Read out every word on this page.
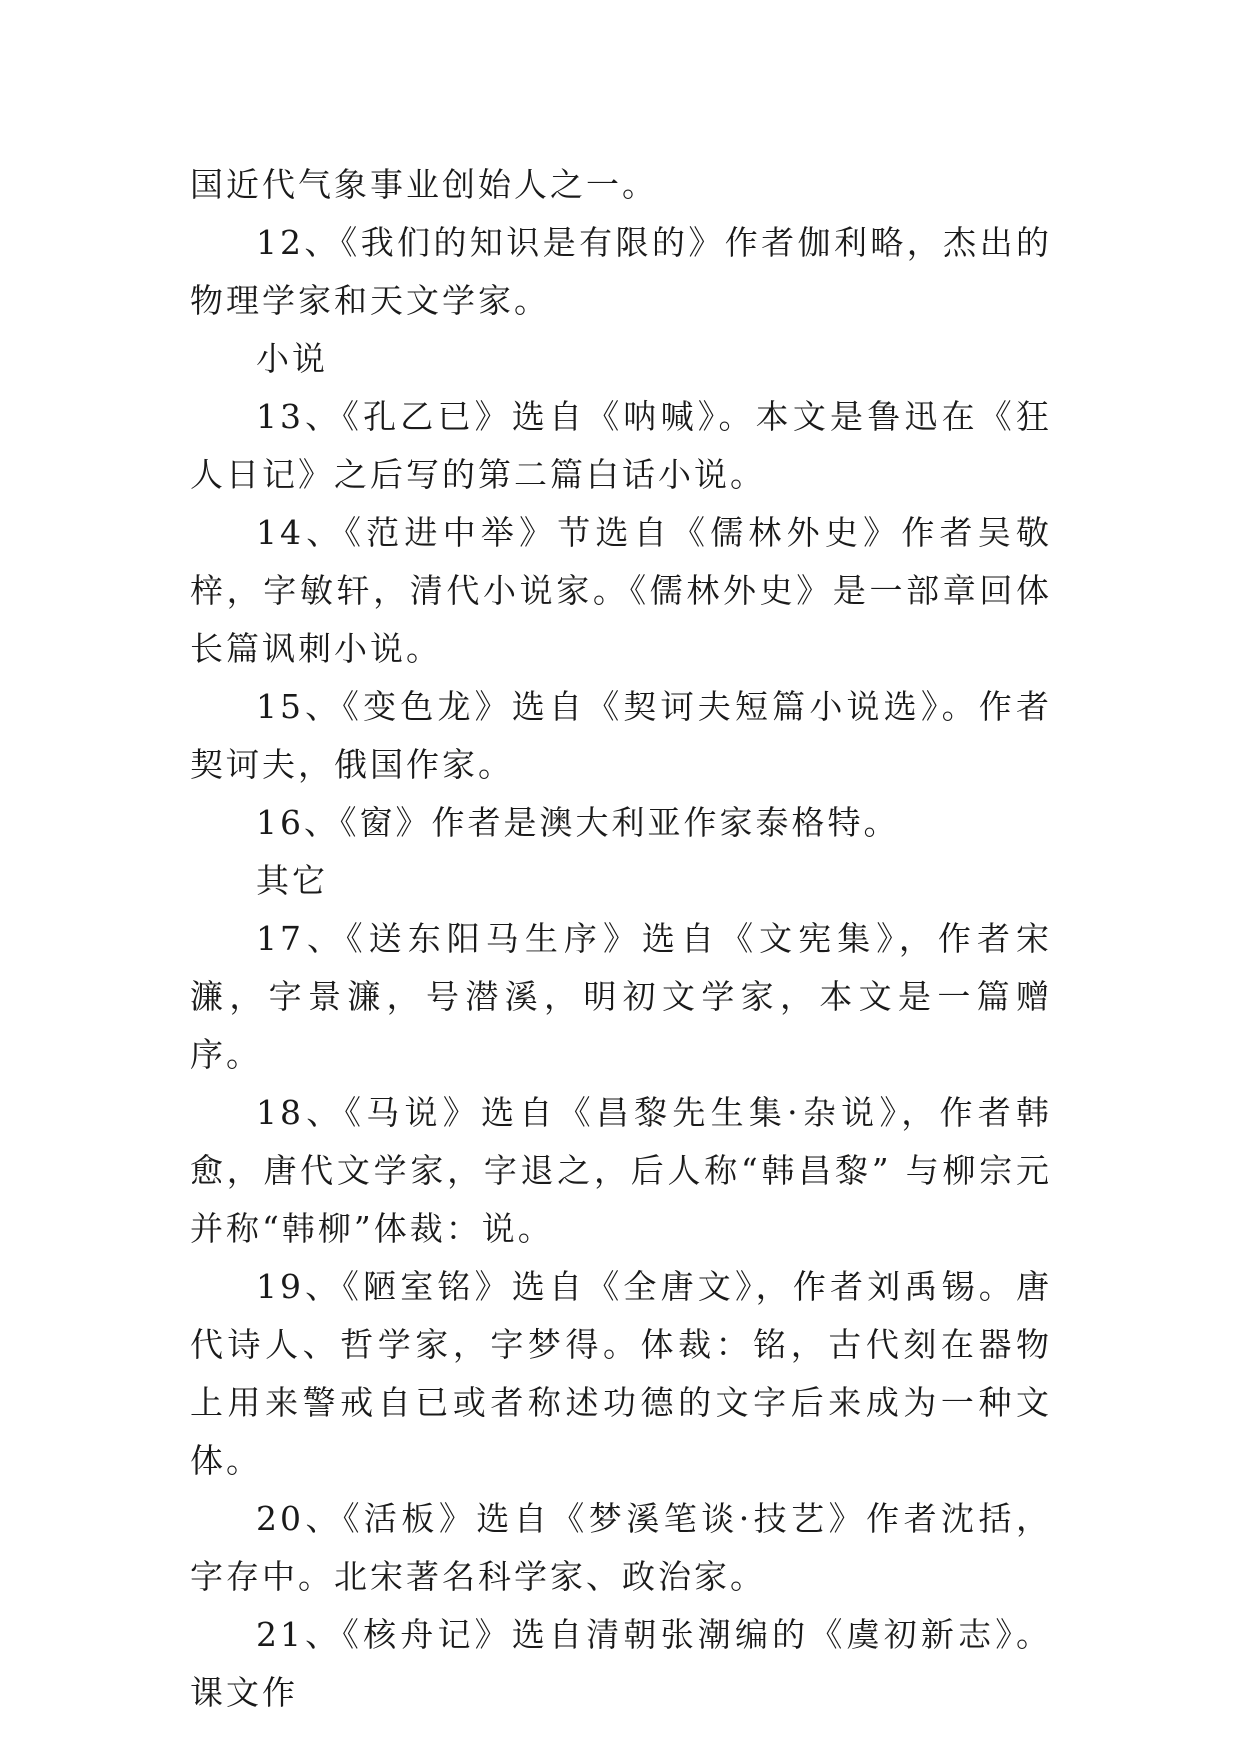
国近代气象事业创始人之一。

12、《我们的知识是有限的》作者伽利略，杰出的物理学家和天文学家。

小说

13、《孔乙已》选自《呐喊》。本文是鲁迅在《狂人日记》之后写的第二篇白话小说。

14、《范进中举》节选自《儒林外史》作者吴敬梓，字敏轩，清代小说家。《儒林外史》是一部章回体长篇讽刺小说。

15、《变色龙》选自《契诃夫短篇小说选》。作者契诃夫，俄国作家。

16、《窗》作者是澳大利亚作家泰格特。

其它

17、《送东阳马生序》选自《文宪集》，作者宋濂，字景濂，号潜溪，明初文学家，本文是一篇赠序。

18、《马说》选自《昌黎先生集·杂说》，作者韩愈，唐代文学家，字退之，后人称“韩昌黎” 与柳宗元并称“韩柳”体裁：说。

19、《陋室铭》选自《全唐文》，作者刘禹锡。唐代诗人、哲学家，字梦得。体裁：铭，古代刻在器物上用来警戒自已或者称述功德的文字后来成为一种文体。

20、《活板》选自《梦溪笔谈·技艺》作者沈括，字存中。北宋著名科学家、政治家。

21、《核舟记》选自清朝张潮编的《虞初新志》。课文作
